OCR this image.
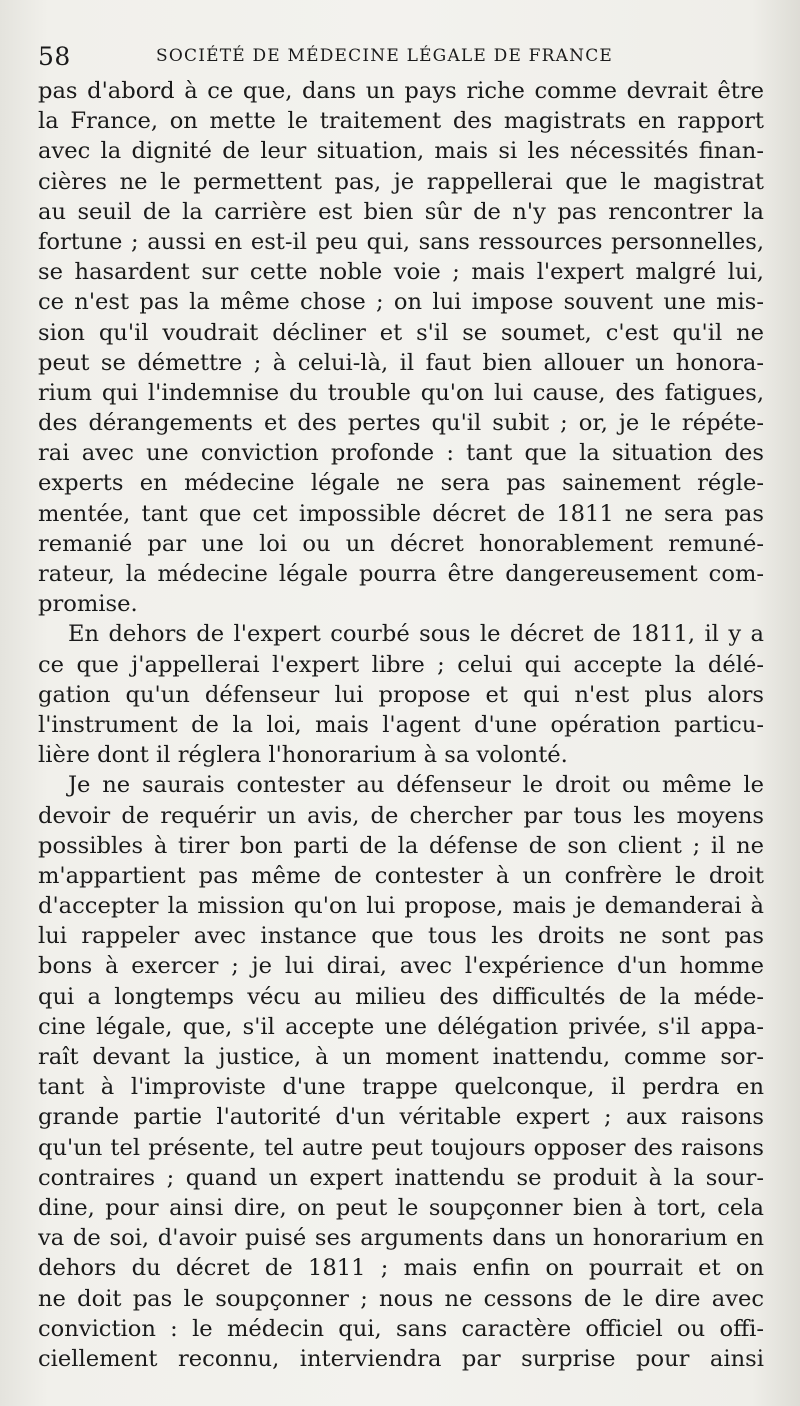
58	SOCIÉTÉ DE MÉDECINE LÉGALE DE FRANCE
pas d'abord à ce que, dans un pays riche comme devrait être
la France, on mette le traitement des magistrats en rapport
avec la dignité de leur situation, mais si les nécessités finan-
cières ne le permettent pas, je rappellerai que le magistrat
au seuil de la carrière est bien sûr de n'y pas rencontrer la
fortune ; aussi en est-il peu qui, sans ressources personnelles,
se hasardent sur cette noble voie ; mais l'expert malgré lui,
ce n'est pas la même chose ; on lui impose souvent une mis-
sion qu'il voudrait décliner et s'il se soumet, c'est qu'il ne
peut se démettre ; à celui-là, il faut bien allouer un honora-
rium qui l'indemnise du trouble qu'on lui cause, des fatigues,
des dérangements et des pertes qu'il subit ; or, je le répéte-
rai avec une conviction profonde : tant que la situation des
experts en médecine légale ne sera pas sainement régle-
mentée, tant que cet impossible décret de 1811 ne sera pas
remanié par une loi ou un décret honorablement remuné-
rateur, la médecine légale pourra être dangereusement com-
promise.
En dehors de l'expert courbé sous le décret de 1811, il y a
ce que j'appellerai l'expert libre ; celui qui accepte la délé-
gation qu'un défenseur lui propose et qui n'est plus alors
l'instrument de la loi, mais l'agent d'une opération particu-
lière dont il réglera l'honorarium à sa volonté.
Je ne saurais contester au défenseur le droit ou même le
devoir de requérir un avis, de chercher par tous les moyens
possibles à tirer bon parti de la défense de son client ; il ne
m'appartient pas même de contester à un confrère le droit
d'accepter la mission qu'on lui propose, mais je demanderai à
lui rappeler avec instance que tous les droits ne sont pas
bons à exercer ; je lui dirai, avec l'expérience d'un homme
qui a longtemps vécu au milieu des difficultés de la méde-
cine légale, que, s'il accepte une délégation privée, s'il appa-
raît devant la justice, à un moment inattendu, comme sor-
tant à l'improviste d'une trappe quelconque, il perdra en
grande partie l'autorité d'un véritable expert ; aux raisons
qu'un tel présente, tel autre peut toujours opposer des raisons
contraires ; quand un expert inattendu se produit à la sour-
dine, pour ainsi dire, on peut le soupçonner bien à tort, cela
va de soi, d'avoir puisé ses arguments dans un honorarium en
dehors du décret de 1811 ; mais enfin on pourrait et on
ne doit pas le soupçonner ; nous ne cessons de le dire avec
conviction : le médecin qui, sans caractère officiel ou offi-
ciellement reconnu, interviendra par surprise pour ainsi
